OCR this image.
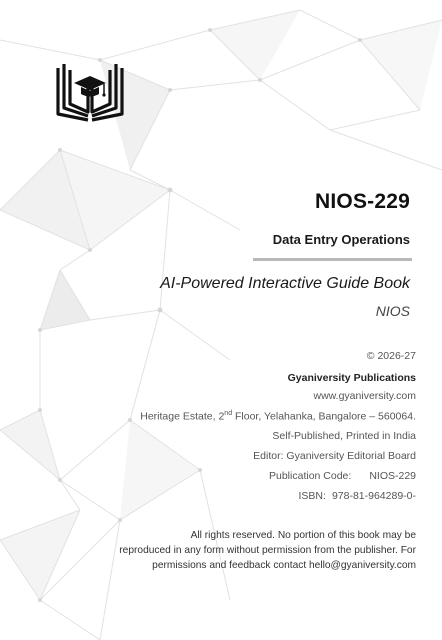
NIOS-229
Data Entry Operations
AI-Powered Interactive Guide Book
NIOS
© 2026-27
Gyaniversity Publications
www.gyaniversity.com
Heritage Estate, 2nd Floor, Yelahanka, Bangalore – 560064.
Self-Published, Printed in India
Editor: Gyaniversity Editorial Board
Publication Code: NIOS-229
ISBN: 978-81-964289-0-
All rights reserved. No portion of this book may be
reproduced in any form without permission from the publisher. For
permissions and feedback contact hello@gyaniversity.com
